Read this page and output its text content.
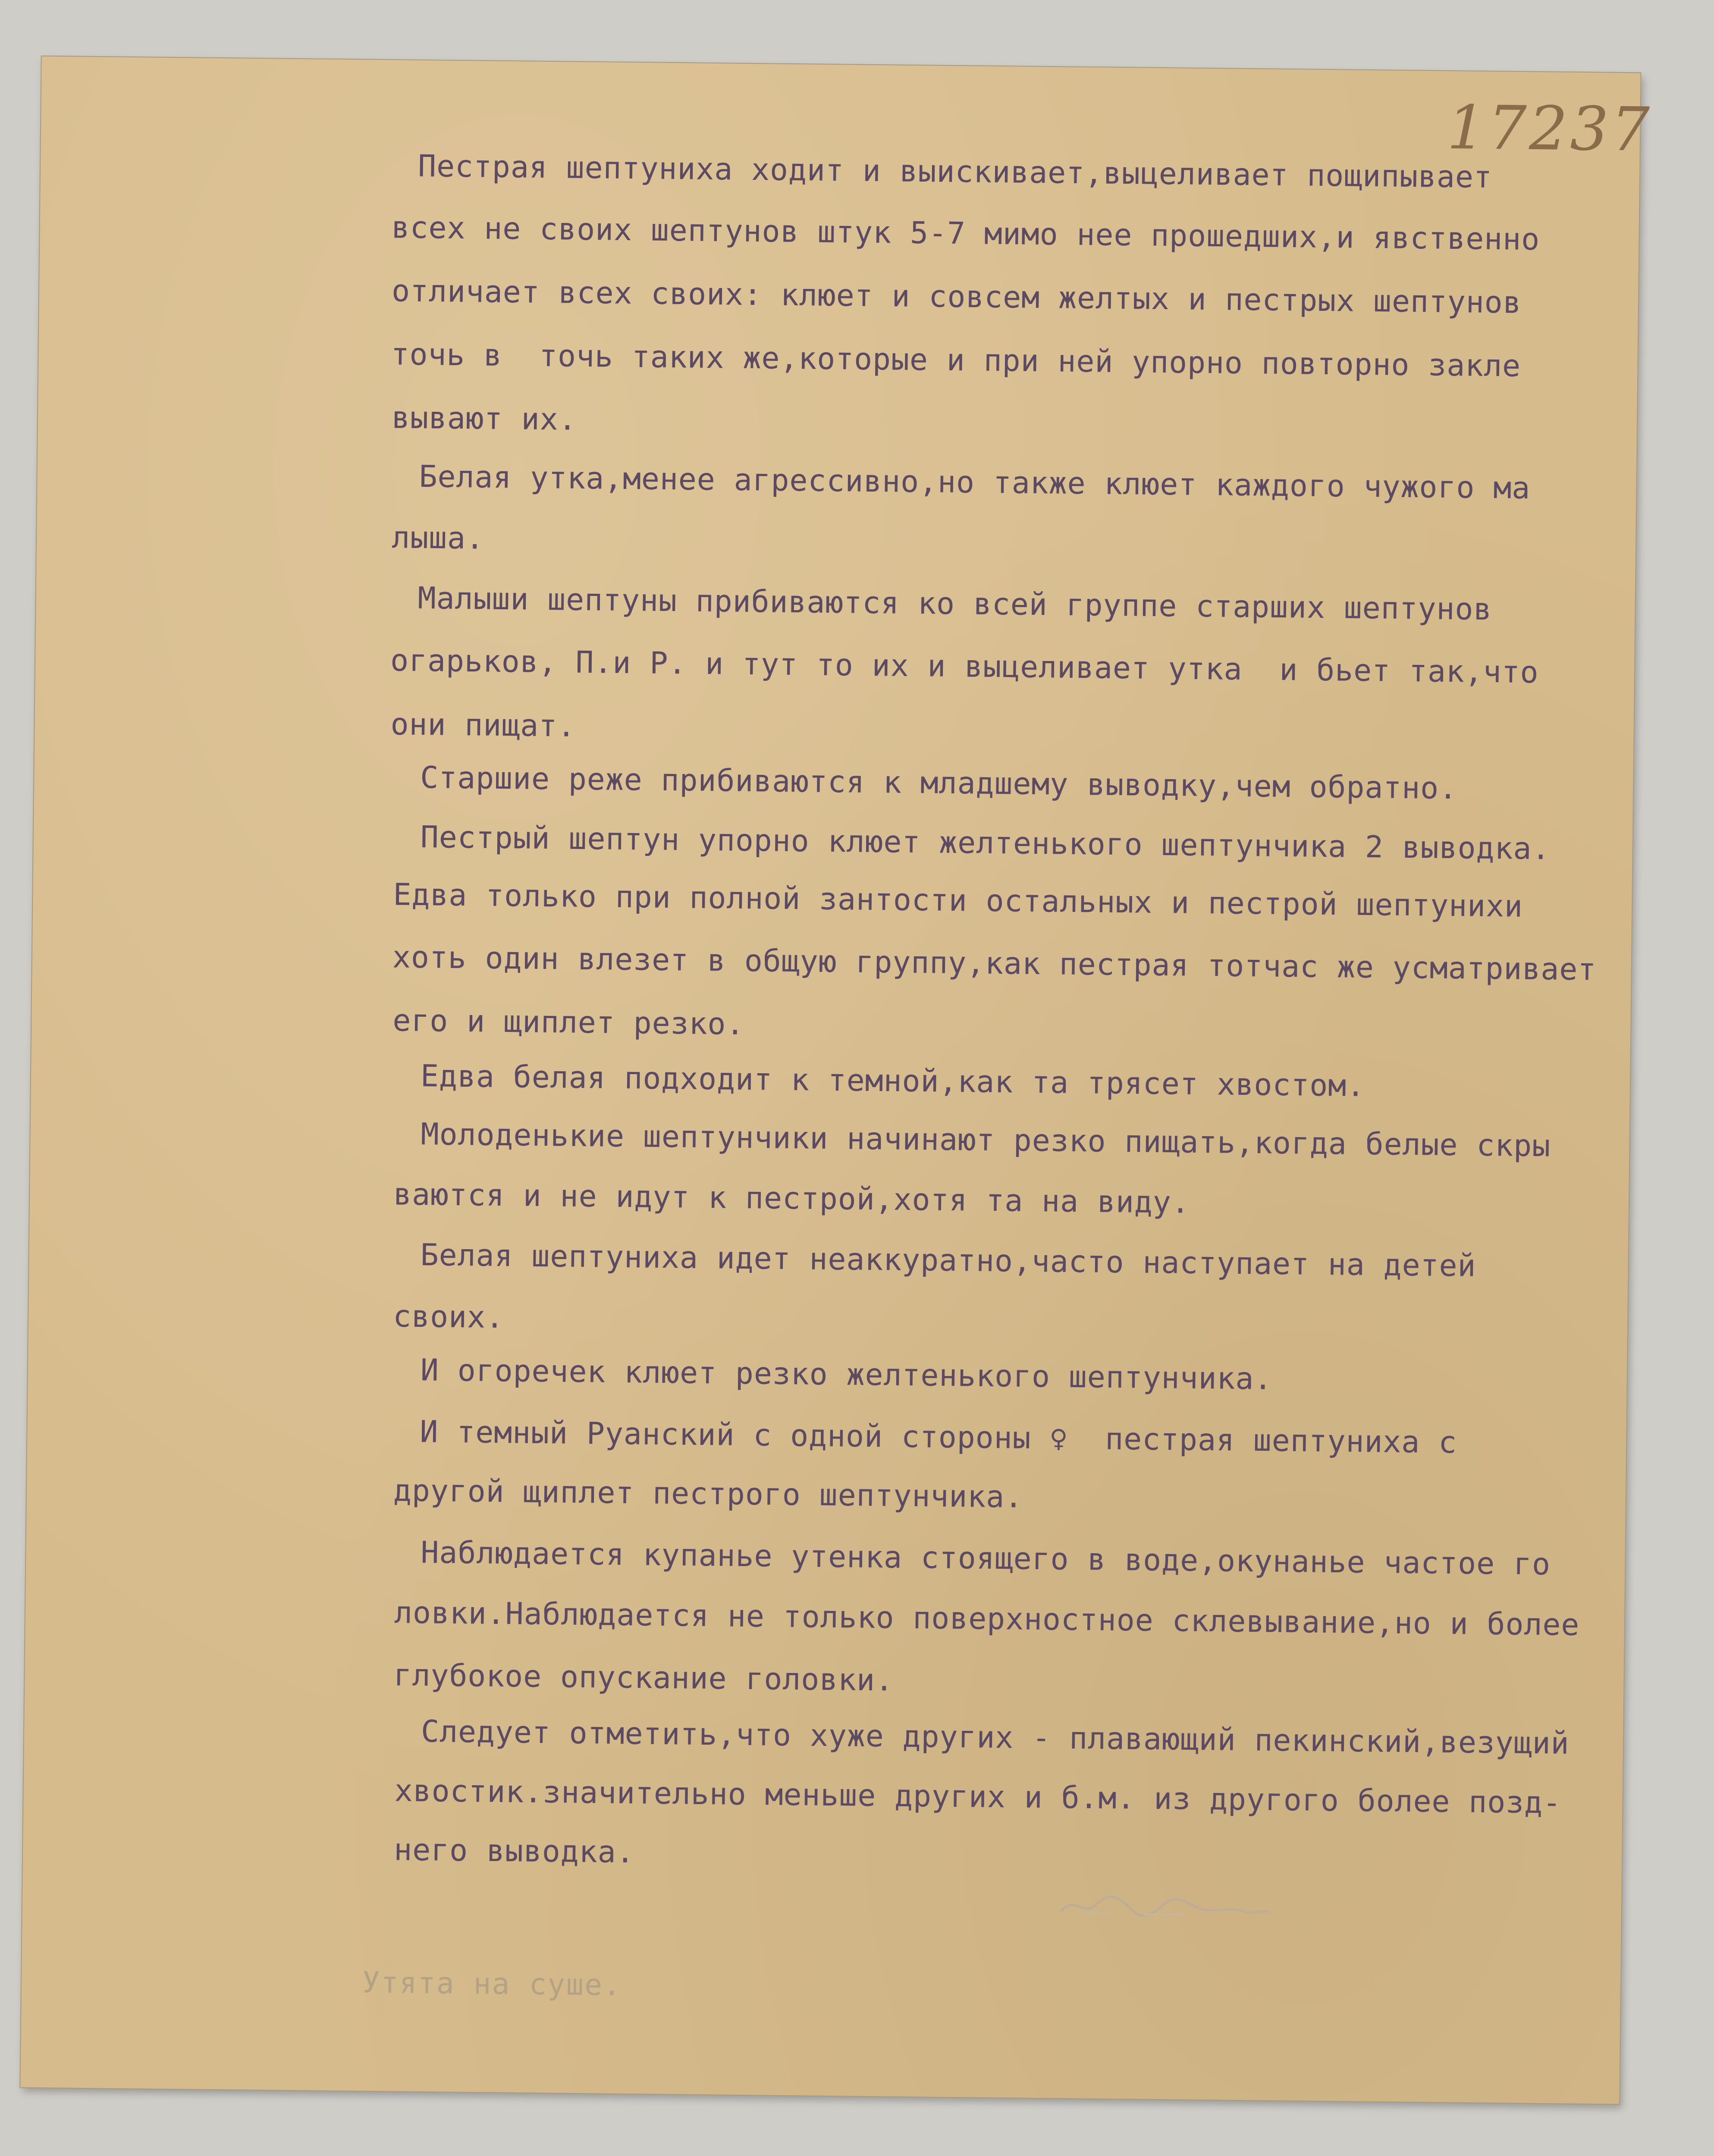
17237
Пестрая шептуниха ходит и выискивает,выцеливает пощипывает
всех не своих шептунов штук 5-7 мимо нее прошедших,и явственно
отличает всех своих: клюет и совсем желтых и пестрых шептунов
точь в  точь таких же,которые и при ней упорно повторно закле
вывают их.
Белая утка,менее агрессивно,но также клюет каждого чужого ма
лыша.
Малыши шептуны прибиваются ко всей группе старших шептунов
огарьков, П.и Р. и тут то их и выцеливает утка  и бьет так,что
они пищат.
Старшие реже прибиваются к младшему выводку,чем обратно.
Пестрый шептун упорно клюет желтенького шептунчика 2 выводка.
Едва только при полной зантости остальных и пестрой шептунихи
хоть один влезет в общую группу,как пестрая тотчас же усматривает
его и щиплет резко.
Едва белая подходит к темной,как та трясет хвостом.
Молоденькие шептунчики начинают резко пищать,когда белые скры
ваются и не идут к пестрой,хотя та на виду.
Белая шептуниха идет неаккуратно,часто наступает на детей
своих.
И огоречек клюет резко желтенького шептунчика.
И темный Руанский с одной стороны ♀  пестрая шептуниха с
другой щиплет пестрого шептунчика.
Наблюдается купанье утенка стоящего в воде,окунанье частое го
ловки.Наблюдается не только поверхностное склевывание,но и более
глубокое опускание головки.
Следует отметить,что хуже других - плавающий пекинский,везущий
хвостик.значительно меньше других и б.м. из другого более позд-
него выводка.
Утята на суше.
